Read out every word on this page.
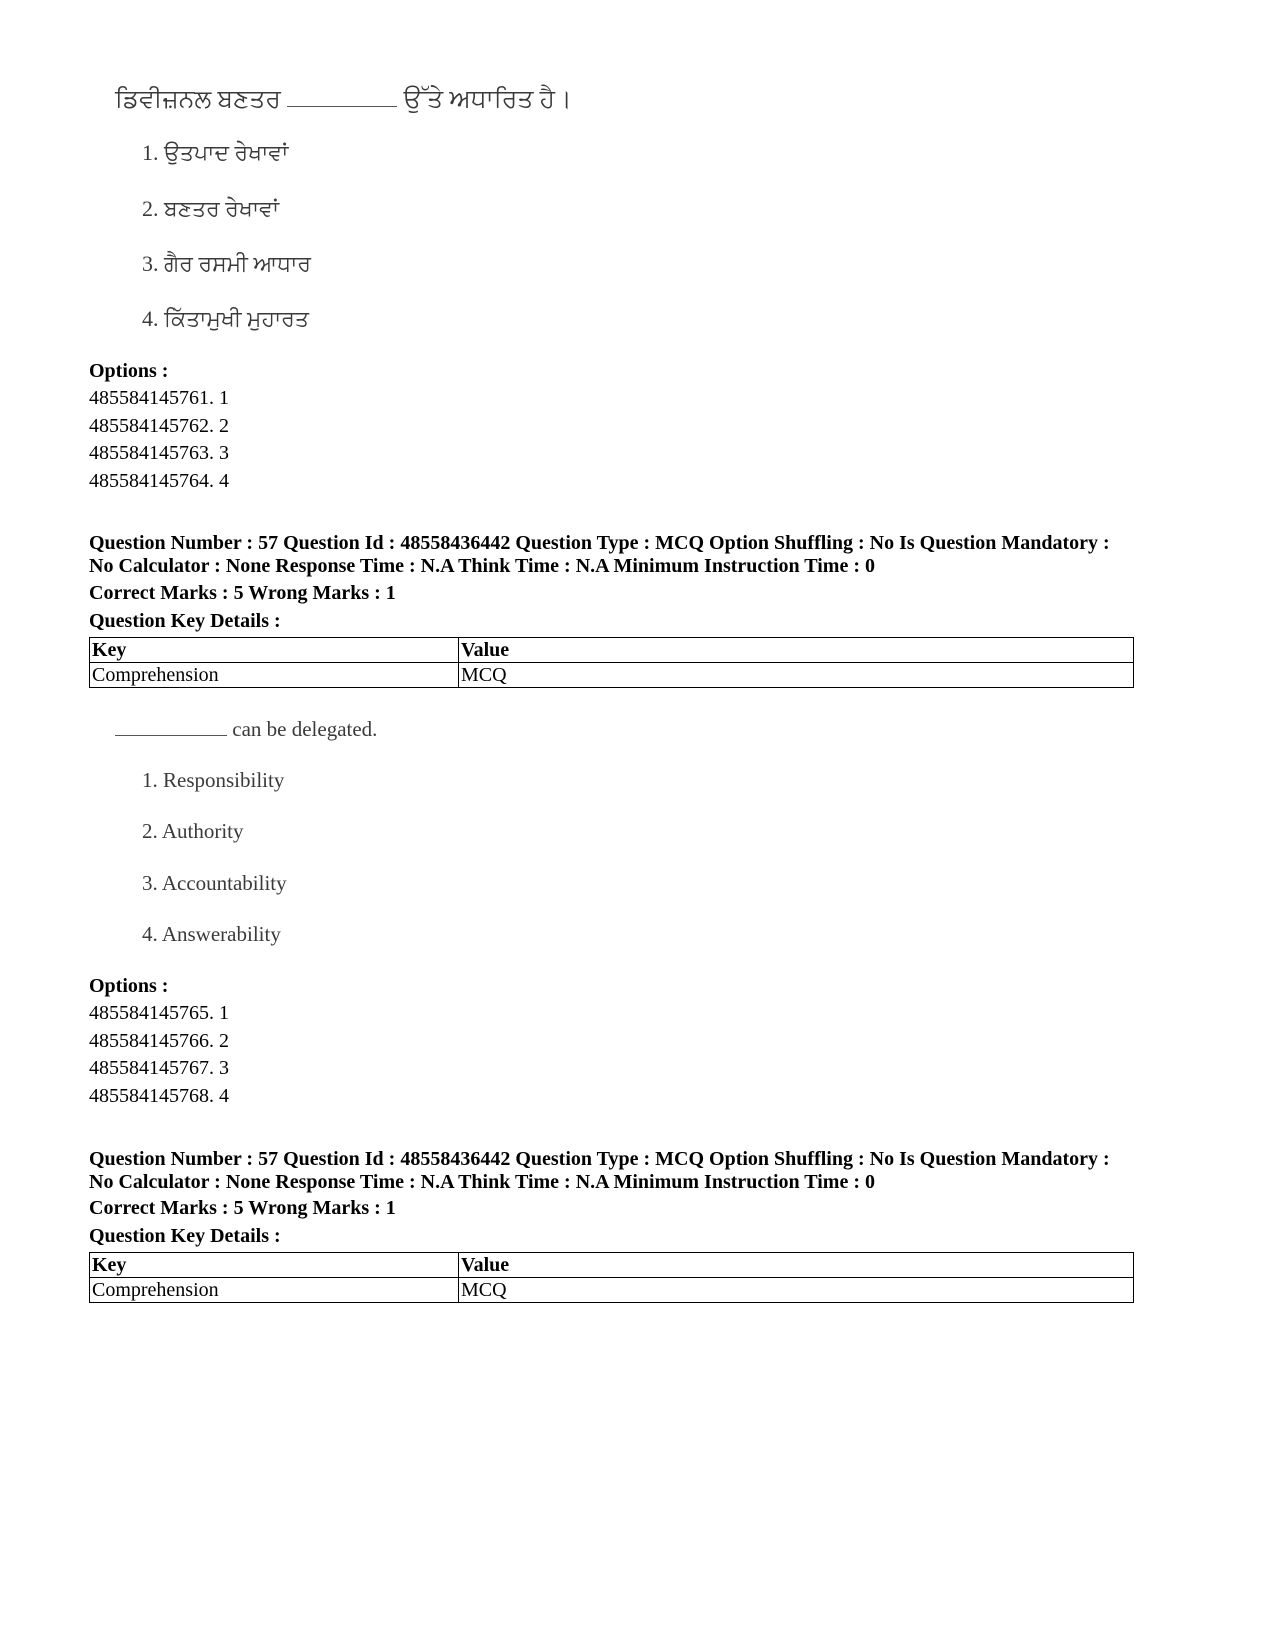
ਡਿਵੀਜ਼ਨਲ ਬਣਤਰ	ਉੱਤੇ ਅਧਾਰਿਤ ਹੈ।
1. ਉਤਪਾਦ ਰੇਖਾਵਾਂ
2. ਬਣਤਰ ਰੇਖਾਵਾਂ
3. ਗੈਰ ਰਸਮੀ ਆਧਾਰ
4. ਕਿੱਤਾਮੁਖੀ ਮੁਹਾਰਤ
Options :
485584145761. 1
485584145762. 2
485584145763. 3
485584145764. 4
Question Number : 57 Question Id : 48558436442 Question Type : MCQ Option Shuffling : No Is Question Mandatory :
No Calculator : None Response Time : N.A Think Time : N.A Minimum Instruction Time : 0
Correct Marks : 5 Wrong Marks : 1
Question Key Details :
Key	Value
Comprehension	MCQ
can be delegated.
1. Responsibility
2. Authority
3. Accountability
4. Answerability
Options :
485584145765. 1
485584145766. 2
485584145767. 3
485584145768. 4
Question Number : 57 Question Id : 48558436442 Question Type : MCQ Option Shuffling : No Is Question Mandatory :
No Calculator : None Response Time : N.A Think Time : N.A Minimum Instruction Time : 0
Correct Marks : 5 Wrong Marks : 1
Question Key Details :
Key	Value
Comprehension	MCQ
